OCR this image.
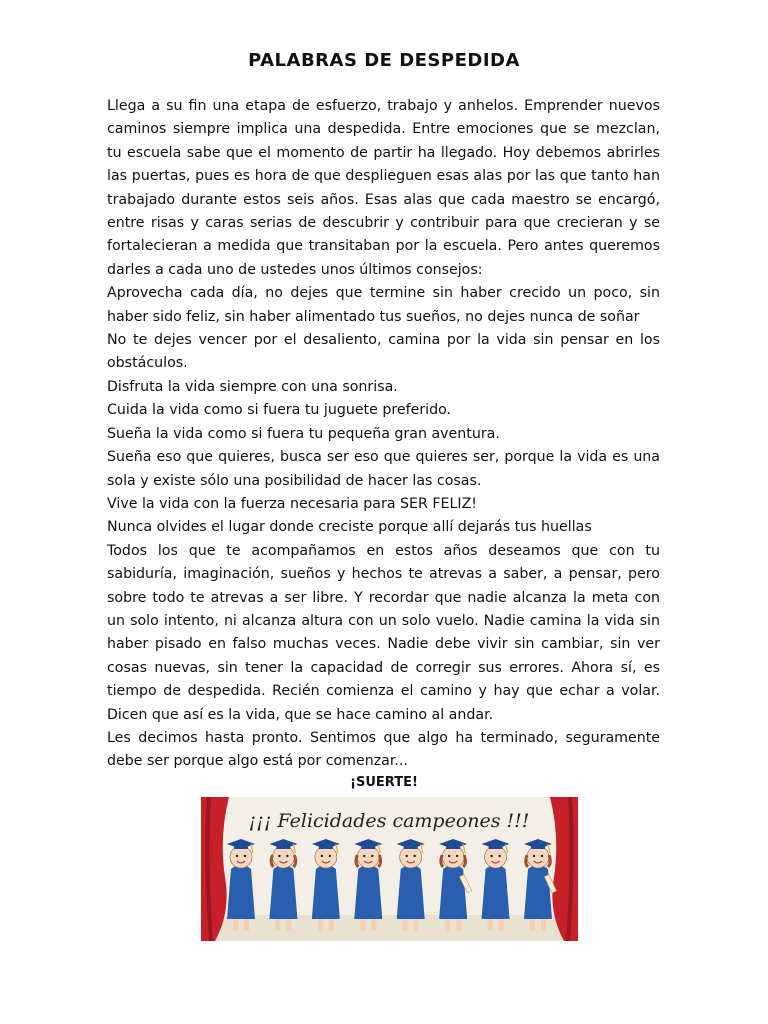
PALABRAS DE DESPEDIDA

Llega a su fin una etapa de esfuerzo, trabajo y anhelos. Emprender nuevos caminos siempre implica una despedida. Entre emociones que se mezclan, tu escuela sabe que el momento de partir ha llegado. Hoy debemos abrirles las puertas, pues es hora de que desplieguen esas alas por las que tanto han trabajado durante estos seis años. Esas alas que cada maestro se encargó, entre risas y caras serias de descubrir y contribuir para que crecieran y se fortalecieran a medida que transitaban por la escuela. Pero antes queremos darles a cada uno de ustedes unos últimos consejos:

Aprovecha cada día, no dejes que termine sin haber crecido un poco, sin haber sido feliz, sin haber alimentado tus sueños, no dejes nunca de soñar

No te dejes vencer por el desaliento, camina por la vida sin pensar en los obstáculos.

Disfruta la vida siempre con una sonrisa.

Cuida la vida como si fuera tu juguete preferido.

Sueña la vida como si fuera tu pequeña gran aventura.

Sueña eso que quieres, busca ser eso que quieres ser, porque la vida es una sola y existe sólo una posibilidad de hacer las cosas.

Vive la vida con la fuerza necesaria para SER FELIZ!

Nunca olvides el lugar donde creciste porque allí dejarás tus huellas

Todos los que te acompañamos en estos años deseamos que con tu sabiduría, imaginación, sueños y hechos te atrevas a saber, a pensar, pero sobre todo te atrevas a ser libre. Y recordar que nadie alcanza la meta con un solo intento, ni alcanza altura con un solo vuelo. Nadie camina la vida sin haber pisado en falso muchas veces. Nadie debe vivir sin cambiar, sin ver cosas nuevas, sin tener la capacidad de corregir sus errores. Ahora sí, es tiempo de despedida. Recién comienza el camino y hay que echar a volar. Dicen que así es la vida, que se hace camino al andar.

Les decimos hasta pronto. Sentimos que algo ha terminado, seguramente debe ser porque algo está por comenzar...

¡SUERTE!
¡¡¡ Felicidades campeones !!!
